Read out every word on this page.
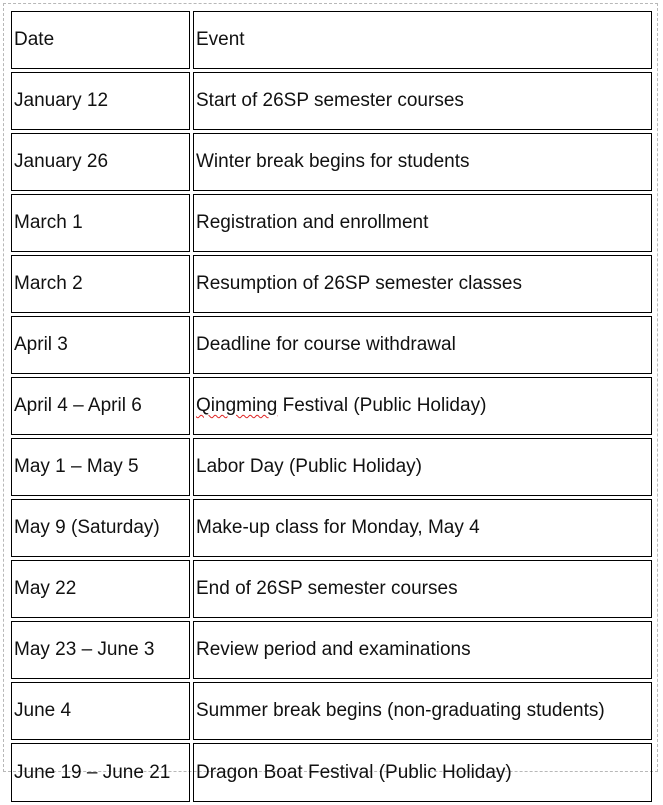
Date	Event
January 12	Start of 26SP semester courses
January 26	Winter break begins for students
March 1	Registration and enrollment
March 2	Resumption of 26SP semester classes
April 3	Deadline for course withdrawal
April 4 – April 6	Qingming Festival (Public Holiday)
May 1 – May 5	Labor Day (Public Holiday)
May 9 (Saturday)	Make-up class for Monday, May 4
May 22	End of 26SP semester courses
May 23 – June 3	Review period and examinations
June 4	Summer break begins (non-graduating students)
June 19 – June 21	Dragon Boat Festival (Public Holiday)
